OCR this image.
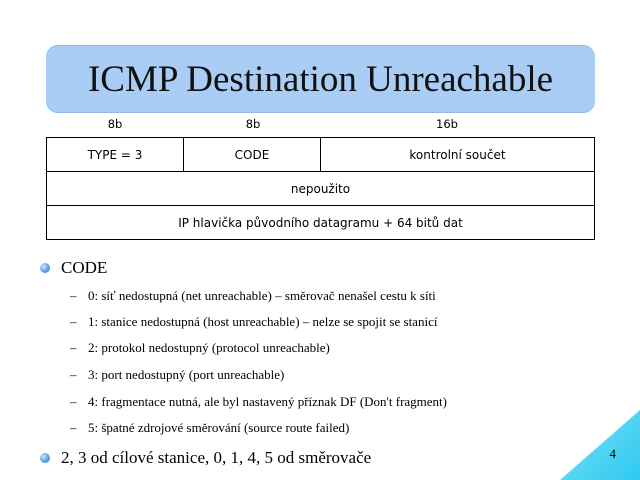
ICMP Destination Unreachable
8b	8b	16b
TYPE = 3	CODE	kontrolní součet
nepoužito
IP hlavička původního datagramu + 64 bitů dat
CODE
– 0: síť nedostupná (net unreachable) – směrovač nenašel cestu k síti
– 1: stanice nedostupná (host unreachable) – nelze se spojit se stanicí
– 2: protokol nedostupný (protocol unreachable)
– 3: port nedostupný (port unreachable)
– 4: fragmentace nutná, ale byl nastavený příznak DF (Don't fragment)
– 5: špatné zdrojové směrování (source route failed)
2, 3 od cílové stanice, 0, 1, 4, 5 od směrovače	4
